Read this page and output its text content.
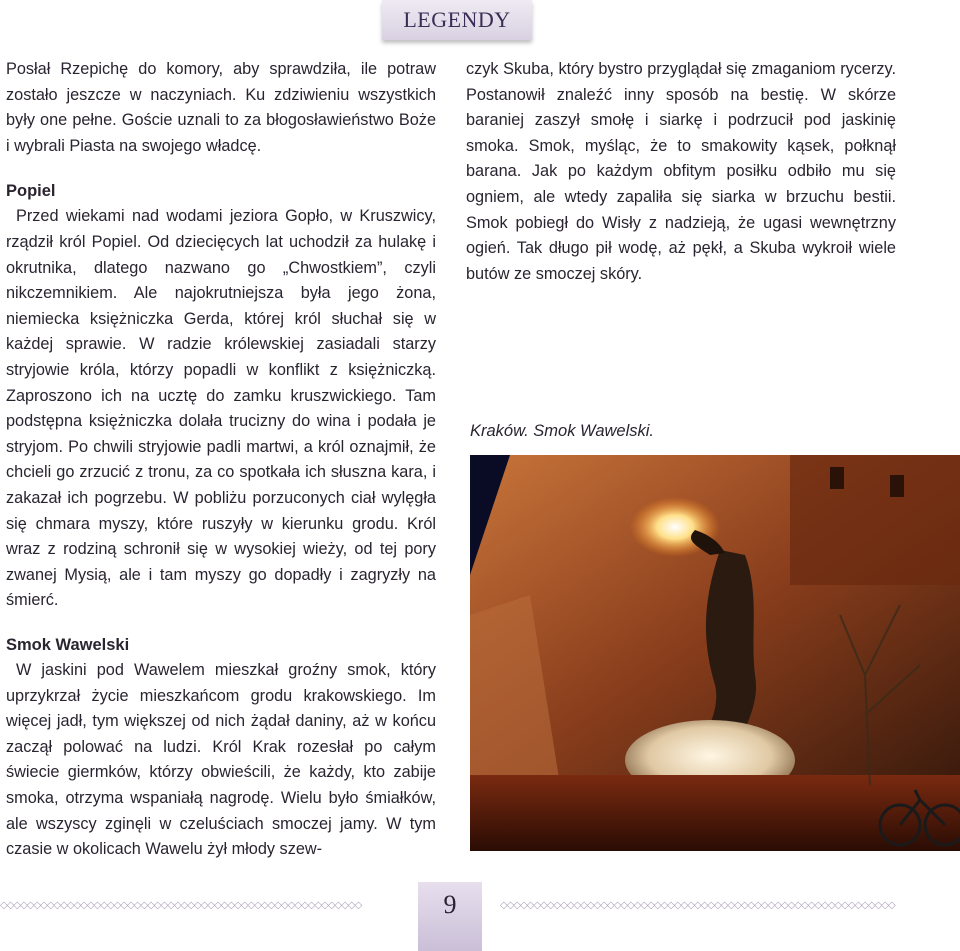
LEGENDY

Posłał Rzepichę do komory, aby sprawdziła, ile potraw zostało jeszcze w naczyniach. Ku zdziwieniu wszystkich były one pełne. Goście uznali to za błogosławieństwo Boże i wybrali Piasta na swojego władcę.

Popiel

Przed wiekami nad wodami jeziora Gopło, w Kruszwicy, rządził król Popiel. Od dziecięcych lat uchodził za hulakę i okrutnika, dlatego nazwano go „Chwostkiem”, czyli nikczemnikiem. Ale najokrutniejsza była jego żona, niemiecka księżniczka Gerda, której król słuchał się w każdej sprawie. W radzie królewskiej zasiadali starzy stryjowie króla, którzy popadli w konflikt z księżniczką. Zaproszono ich na ucztę do zamku kruszwickiego. Tam podstępna księżniczka dolała trucizny do wina i podała je stryjom. Po chwili stryjowie padli martwi, a król oznajmił, że chcieli go zrzucić z tronu, za co spotkała ich słuszna kara, i zakazał ich pogrzebu. W pobliżu porzuconych ciał wylęgła się chmara myszy, które ruszyły w kierunku grodu. Król wraz z rodziną schronił się w wysokiej wieży, od tej pory zwanej Mysią, ale i tam myszy go dopadły i zagryzły na śmierć.

Smok Wawelski

W jaskini pod Wawelem mieszkał groźny smok, który uprzykrzał życie mieszkańcom grodu krakowskiego. Im więcej jadł, tym większej od nich żądał daniny, aż w końcu zaczął polować na ludzi. Król Krak rozesłał po całym świecie giermków, którzy obwieścili, że każdy, kto zabije smoka, otrzyma wspaniałą nagrodę. Wielu było śmiałków, ale wszyscy zginęli w czeluściach smoczej jamy. W tym czasie w okolicach Wawelu żył młody szew-

czyk Skuba, który bystro przyglądał się zmaganiom rycerzy. Postanowił znaleźć inny sposób na bestię. W skórze baraniej zaszył smołę i siarkę i podrzucił pod jaskinię smoka. Smok, myśląc, że to smakowity kąsek, połknął barana. Jak po każdym obfitym posiłku odbiło mu się ogniem, ale wtedy zapaliła się siarka w brzuchu bestii. Smok pobiegł do Wisły z nadzieją, że ugasi wewnętrzny ogień. Tak długo pił wodę, aż pękł, a Skuba wykroił wiele butów ze smoczej skóry.

Kraków. Smok Wawelski.
◇◇◇◇◇◇◇◇◇◇◇◇◇◇◇◇◇◇◇◇◇◇◇◇◇◇◇◇◇◇◇◇◇◇◇◇◇◇◇◇◇◇◇◇◇◇◇◇◇◇◇◇◇◇	◇◇◇◇◇◇◇◇◇◇◇◇◇◇◇◇◇◇◇◇◇◇◇◇◇◇◇◇◇◇◇◇◇◇◇◇◇◇◇◇◇◇◇◇◇◇◇◇◇◇◇◇◇◇◇◇◇◇◇
9
